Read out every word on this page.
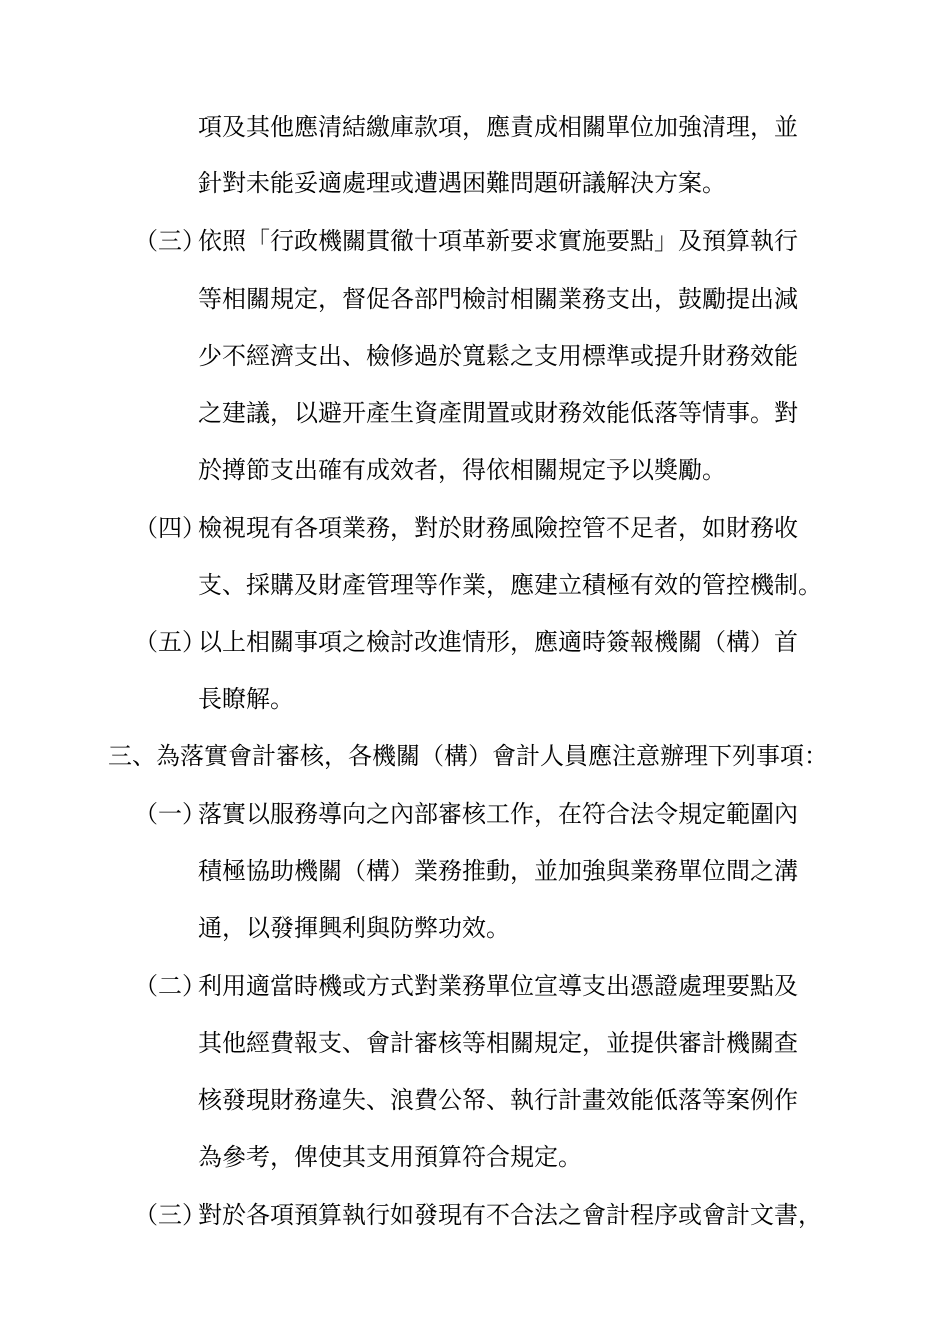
項及其他應清結繳庫款項，應責成相關單位加強清理，並
針對未能妥適處理或遭遇困難問題研議解決方案。
（三）
依照「行政機關貫徹十項革新要求實施要點」及預算執行
等相關規定，督促各部門檢討相關業務支出，鼓勵提出減
少不經濟支出、檢修過於寬鬆之支用標準或提升財務效能
之建議，以避开產生資產閒置或財務效能低落等情事。對
於撙節支出確有成效者，得依相關規定予以獎勵。
（四）
檢視現有各項業務，對於財務風險控管不足者，如財務收
支、採購及財產管理等作業，應建立積極有效的管控機制。
（五）
以上相關事項之檢討改進情形，應適時簽報機關（構）首
長瞭解。
三、為落實會計審核，各機關（構）會計人員應注意辦理下列事項：
（一）
落實以服務導向之內部審核工作，在符合法令規定範圍內
積極協助機關（構）業務推動，並加強與業務單位間之溝
通，以發揮興利與防弊功效。
（二）
利用適當時機或方式對業務單位宣導支出憑證處理要點及
其他經費報支、會計審核等相關規定，並提供審計機關查
核發現財務違失、浪費公帑、執行計畫效能低落等案例作
為參考，俾使其支用預算符合規定。
（三）
對於各項預算執行如發現有不合法之會計程序或會計文書，
